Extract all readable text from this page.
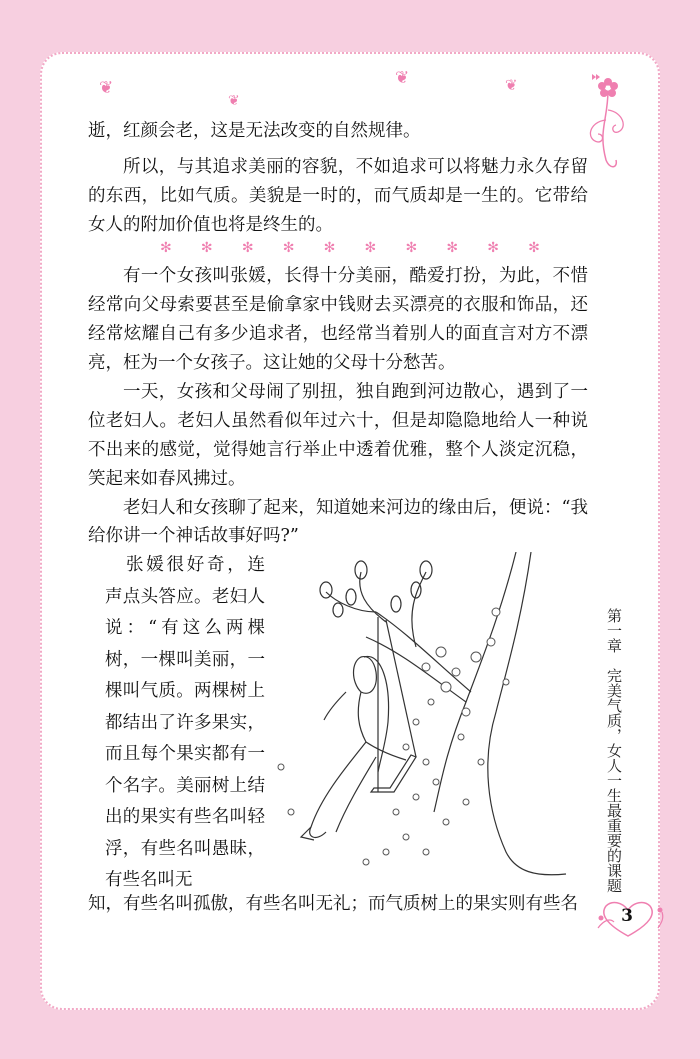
❦
❦
❦	❦

逝，红颜会老，这是无法改变的自然规律。

所以，与其追求美丽的容貌，不如追求可以将魅力永久存留的东西，比如气质。美貌是一时的，而气质却是一生的。它带给女人的附加价值也将是终生的。

✻ ✻ ✻ ✻ ✻ ✻ ✻ ✻ ✻ ✻

有一个女孩叫张媛，长得十分美丽，酷爱打扮，为此，不惜经常向父母索要甚至是偷拿家中钱财去买漂亮的衣服和饰品，还经常炫耀自己有多少追求者，也经常当着别人的面直言对方不漂亮，枉为一个女孩子。这让她的父母十分愁苦。

一天，女孩和父母闹了别扭，独自跑到河边散心，遇到了一位老妇人。老妇人虽然看似年过六十，但是却隐隐地给人一种说不出来的感觉，觉得她言行举止中透着优雅，整个人淡定沉稳，笑起来如春风拂过。

老妇人和女孩聊了起来，知道她来河边的缘由后，便说：“我给你讲一个神话故事好吗?”

张媛很好奇，连声点头答应。老妇人说：“有这么两棵树，一棵叫美丽，一棵叫气质。两棵树上都结出了许多果实，而且每个果实都有一个名字。美丽树上结出的果实有些名叫轻浮，有些名叫愚昧，有些名叫无

知，有些名叫孤傲，有些名叫无礼；而气质树上的果实则有些名

第一章　完美气质，女人一生最重要的课题
3
